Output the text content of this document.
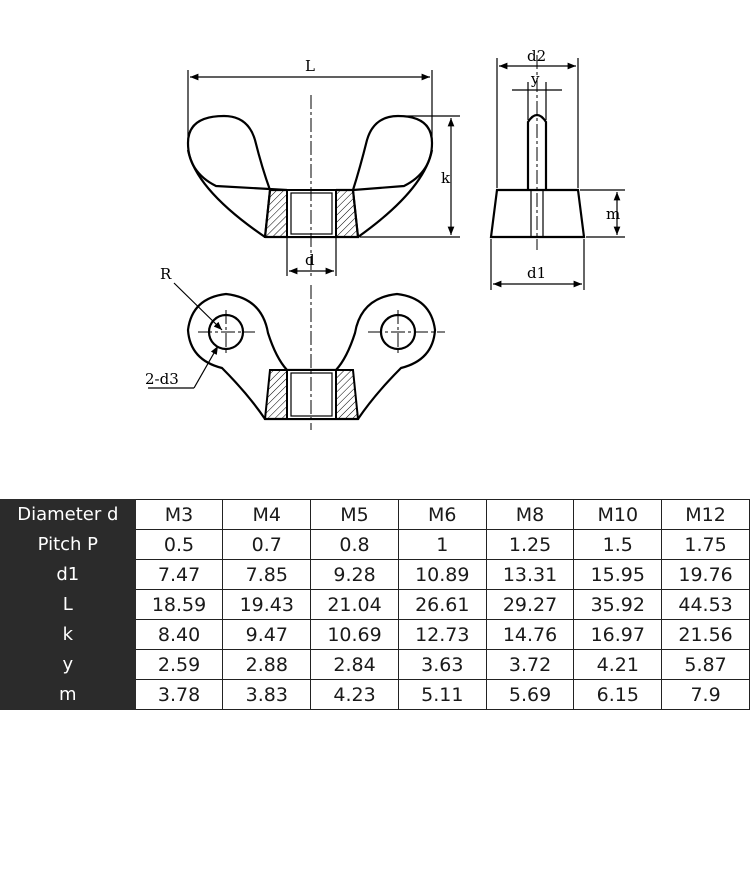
L
k
d
d2
y
m
d1
R
2-d3
Diameter d	M3	M4	M5	M6	M8	M10	M12
Pitch P	0.5	0.7	0.8	1	1.25	1.5	1.75
d1	7.47	7.85	9.28	10.89	13.31	15.95	19.76
L	18.59	19.43	21.04	26.61	29.27	35.92	44.53
k	8.40	9.47	10.69	12.73	14.76	16.97	21.56
y	2.59	2.88	2.84	3.63	3.72	4.21	5.87
m	3.78	3.83	4.23	5.11	5.69	6.15	7.9
